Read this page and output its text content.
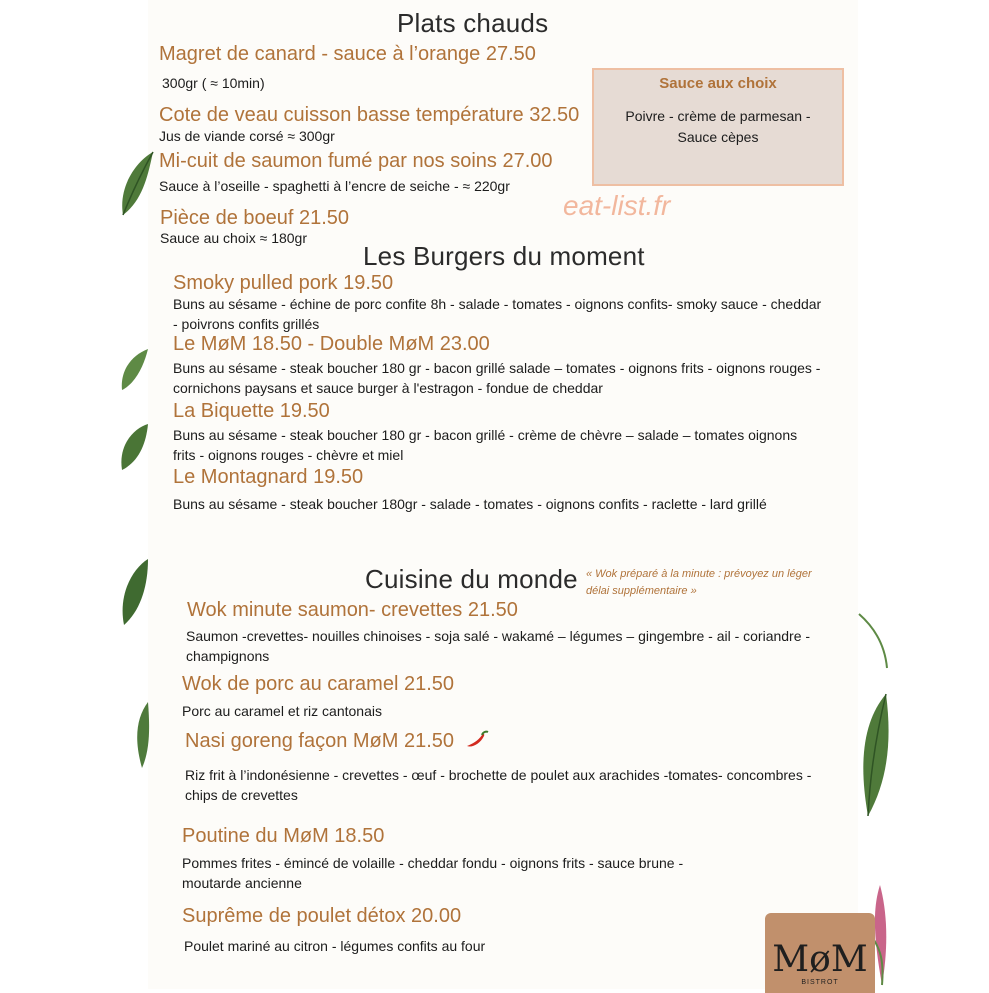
Plats chauds
Magret de canard - sauce à l’orange 27.50
300gr ( ≈ 10min)
Cote de veau cuisson basse température 32.50
Jus de viande corsé ≈ 300gr
Mi-cuit de saumon fumé par nos soins 27.00
Sauce à l’oseille - spaghetti à l’encre de seiche - ≈ 220gr
Pièce de boeuf 21.50
Sauce au choix ≈ 180gr
Sauce aux choix
Poivre - crème de parmesan -
Sauce cèpes
eat-list.fr
Les Burgers du moment
Smoky pulled pork 19.50
Buns au sésame - échine de porc confite 8h - salade - tomates - oignons confits- smoky sauce - cheddar - poivrons confits grillés
Le MøM 18.50 - Double MøM 23.00
Buns au sésame - steak boucher 180 gr - bacon grillé salade – tomates - oignons frits - oignons rouges - cornichons paysans et sauce burger à l'estragon - fondue de cheddar
La Biquette 19.50
Buns au sésame - steak boucher 180 gr - bacon grillé - crème de chèvre – salade – tomates oignons frits - oignons rouges - chèvre et miel
Le Montagnard 19.50
Buns au sésame - steak boucher 180gr - salade - tomates - oignons confits - raclette - lard grillé
Cuisine du monde « Wok préparé à la minute : prévoyez un léger délai supplémentaire »
Wok minute saumon- crevettes 21.50
Saumon -crevettes- nouilles chinoises - soja salé - wakamé – légumes – gingembre - ail - coriandre - champignons
Wok de porc au caramel 21.50
Porc au caramel et riz cantonais
Nasi goreng façon MøM 21.50
Riz frit à l’indonésienne - crevettes - œuf - brochette de poulet aux arachides -tomates- concombres - chips de crevettes
Poutine du MøM 18.50
Pommes frites - émincé de volaille - cheddar fondu - oignons frits - sauce brune - moutarde ancienne
Suprême de poulet détox 20.00
Poulet mariné au citron - légumes confits au four	MøM
BISTROT
